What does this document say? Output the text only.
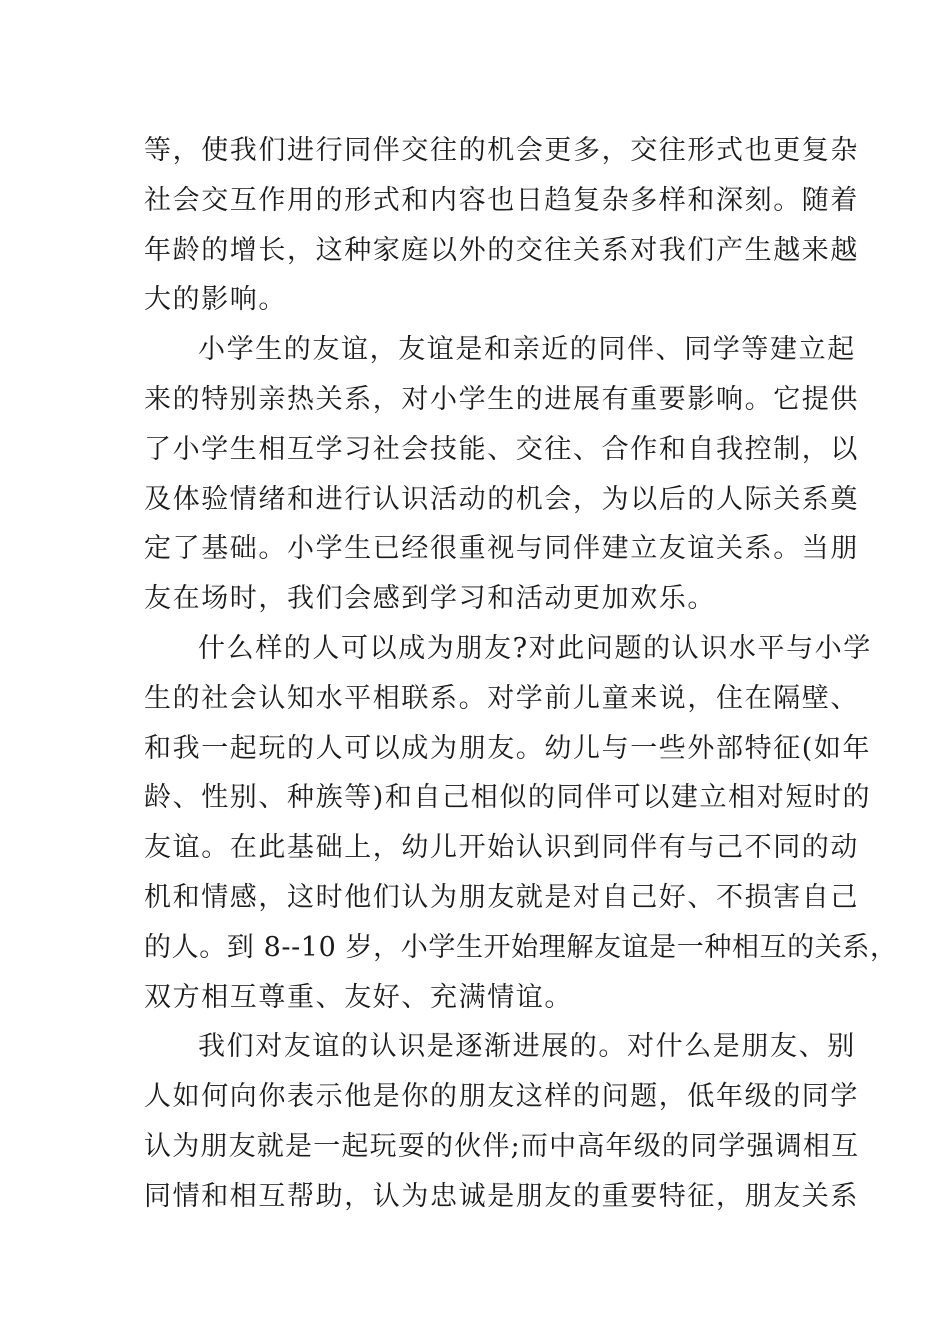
等，使我们进行同伴交往的机会更多，交往形式也更复杂
社会交互作用的形式和内容也日趋复杂多样和深刻。随着
年龄的增长，这种家庭以外的交往关系对我们产生越来越
大的影响。
小学生的友谊，友谊是和亲近的同伴、同学等建立起
来的特别亲热关系，对小学生的进展有重要影响。它提供
了小学生相互学习社会技能、交往、合作和自我控制，以
及体验情绪和进行认识活动的机会，为以后的人际关系奠
定了基础。小学生已经很重视与同伴建立友谊关系。当朋
友在场时，我们会感到学习和活动更加欢乐。
什么样的人可以成为朋友?对此问题的认识水平与小学
生的社会认知水平相联系。对学前儿童来说，住在隔壁、
和我一起玩的人可以成为朋友。幼儿与一些外部特征(如年
龄、性别、种族等)和自己相似的同伴可以建立相对短时的
友谊。在此基础上，幼儿开始认识到同伴有与己不同的动
机和情感，这时他们认为朋友就是对自己好、不损害自己
的人。到 8--10 岁，小学生开始理解友谊是一种相互的关系，
双方相互尊重、友好、充满情谊。
我们对友谊的认识是逐渐进展的。对什么是朋友、别
人如何向你表示他是你的朋友这样的问题，低年级的同学
认为朋友就是一起玩耍的伙伴;而中高年级的同学强调相互
同情和相互帮助，认为忠诚是朋友的重要特征，朋友关系
